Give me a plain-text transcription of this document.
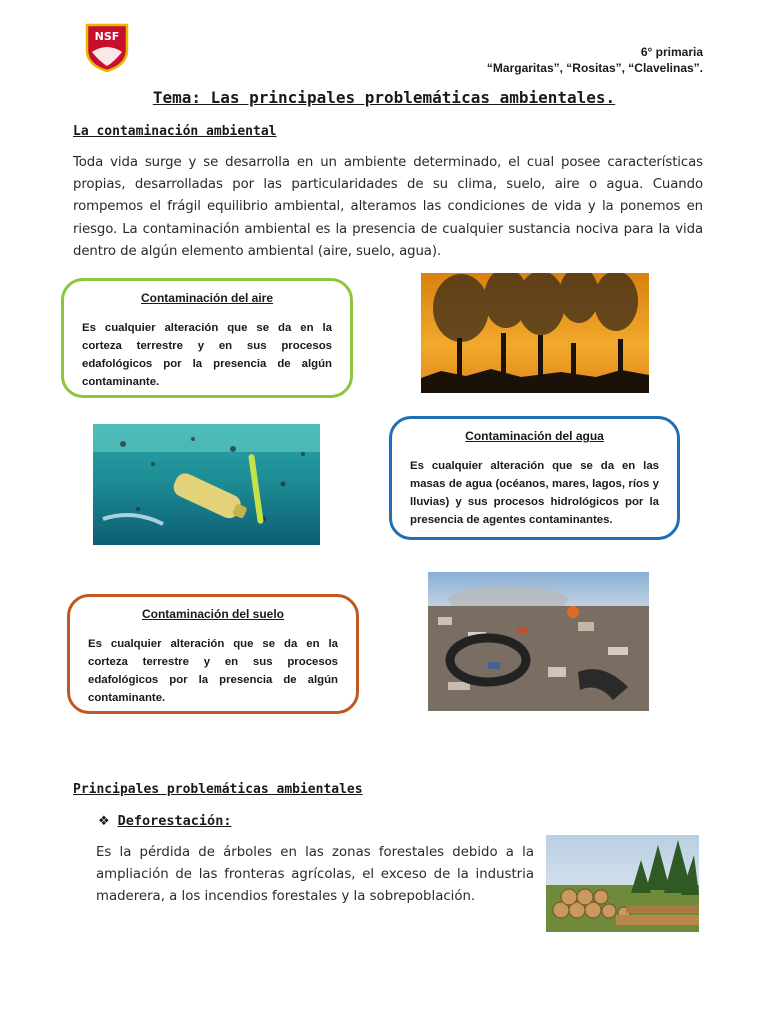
NSF
6° primaria
“Margaritas”, “Rositas”, “Clavelinas”.
Tema: Las principales problemáticas ambientales.
La contaminación ambiental
Toda vida surge y se desarrolla en un ambiente determinado, el cual posee características propias, desarrolladas por las particularidades de su clima, suelo, aire o agua. Cuando rompemos el frágil equilibrio ambiental, alteramos las condiciones de vida y la ponemos en riesgo. La contaminación ambiental es la presencia de cualquier sustancia nociva para la vida dentro de algún elemento ambiental (aire, suelo, agua).
Contaminación del aire
Es cualquier alteración que se da en la corteza terrestre y en sus procesos edafológicos por la presencia de algún contaminante.
Contaminación del agua
Es cualquier alteración que se da en las masas de agua (océanos, mares, lagos, ríos y lluvias) y sus procesos hidrológicos por la presencia de agentes contaminantes.
Contaminación del suelo
Es cualquier alteración que se da en la corteza terrestre y en sus procesos edafológicos por la presencia de algún contaminante.
Principales problemáticas ambientales
❖ Deforestación:
Es la pérdida de árboles en las zonas forestales debido a la ampliación de las fronteras agrícolas, el exceso de la industria maderera, a los incendios forestales y la sobrepoblación.
